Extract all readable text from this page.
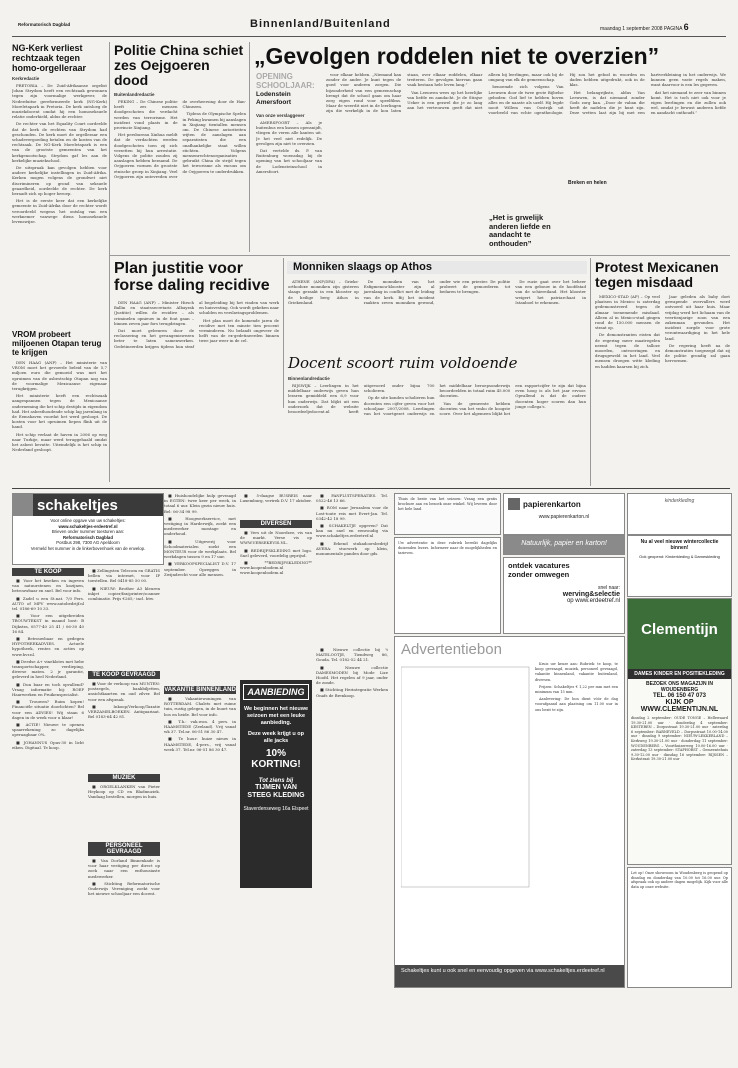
Reformatorisch Dagblad	Binnenland/Buitenland	maandag 1 september 2008 PAGINA 6
NG-Kerk verliest rechtzaak tegen homo-orgelleraar
Kerkredactie

PRETORIA – De Zuid-Afrikaanse orgelist Johan Strydom heeft een rechtzaak gewonnen tegen zijn voormalige werkgever, de Nederduitse gereformeerde kerk (NG-Kerk) Moreletapark in Pretoria. De kerk ontsloeg de muziekdocent omdat hij een homoseksuele relatie onderhield, aldus de rechter.

De rechter van het Equality Court oordeelde dat de kerk de rechten van Strydom had geschonden. De kerk moet de orgelleraar een schadevergoeding betalen en de kosten van de rechtzaak. De NG-Kerk Moreletapark is een van de grootste gemeenten van het kerkgenootschap. Strydom gaf les aan de kerkelijke muziekschool.

De uitspraak kan gevolgen hebben voor andere kerkelijke instellingen in Zuid-Afrika. Kerken mogen volgens de grondwet niet discrimineren op grond van seksuele geaardheid, oordeelde de rechter. De kerk beraadt zich op hoger beroep.

Het is de eerste keer dat een kerkelijke gemeente in Zuid-Afrika door de rechter wordt veroordeeld wegens het ontslag van een werknemer vanwege diens homoseksuele levenswijze.

VROM probeert miljoenen Otapan terug te krijgen

DEN HAAG (ANP) – Het ministerie van VROM moet het gevoerde beleid van de 5,7 miljoen euro die gemoeid was met het opruimen van de asbestschip Otapan nog van de voormalige Mexicaanse eigenaar terugkrijgen.

Het ministerie heeft een rechtszaak aangespannen tegen de Mexicaanse onderneming die het schip destijds in eigendom had. Het asbesthoudende schip lag jarenlang in de Eemshaven voordat het werd gesloopt. De kosten voor het opruimen liepen flink uit de hand.

Het schip verlaat de haven in 2006 op weg naar Turkije, maar werd teruggehaald omdat het asbest bevatte. Uiteindelijk is het schip in Nederland gesloopt.

Politie China schiet zes Oejgoeren dood
Buitenlandredactie

PEKING – De Chinese politie heeft zes mensen doodgeschoten die verdacht werden van terrorisme. Het incident vond plaats in de provincie Xinjiang.

Het persbureau Xinhua meldt dat de verdachten werden doodgeschoten toen zij zich verzetten bij hun arrestatie. Volgens de politie zouden zij aanslagen hebben beraamd. De Oejgoeren vormen de grootste etnische groep in Xinjiang. Veel Oejgoeren zijn ontevreden over de overheersing door de Han-Chinezen.

Tijdens de Olympische Spelen in Peking kwamen bij aanslagen in Xinjiang tientallen mensen om. De Chinese autoriteiten wijten de aanslagen aan separatisten die een onafhankelijke staat willen stichten. Volgens mensenrechtenorganisaties gebruikt China de strijd tegen het terrorisme als excuus om de Oejgoeren te onderdrukken.

„Gevolgen roddelen niet te overzien”
OPENING
SCHOOLJAAR:
Lodenstein Amersfoort
Van onze verslaggever

AMERSFOORT – Als je buitenbus een kussen opensnijdt, vliegen de veren alle kanten uit. Je het veel niet redelijk. De gevolgen zijn niet te overzien.

Dat vertelde ds. P. van Ruitenburg woensdag bij de opening van het schooljaar van de Lodensteinschool in Amersfoort.

voor elkaar hebben. „Niemand kan zonder de ander. Je kunt tegen de goed voor anderen zorgen. Die bijzonderheid van een gemeenschap brengt dat de school gaan om haar zorg eigen rond voor speelfilms. Maar de weerdit niet in de leerlingen zijn die werkelijk in de kou laten staan, over elkaar roddelen, elkaar treiteren. De gevolgen hiervan gaan vaak bestaan hele leven lang.”

Van Leeuwen wees op het heerlijke van liefde en aandacht. Je de Stinjse Ueker is een gezwel die je zo lang aan het vertrouwen geeft dat niet alleen bij leerlingen, maar ook bij de omgang van elk de gemeenschap.

benoemde zich volgens Van Leeuwen door de twee grote Bijbelse geboden: God lief te hebben boven alles en de naaste als uzelf. Hij legde nooit Willem van Oostrijk uit voorbeeld van echte ogentheologie. Hij zou het gebod in woorden en daden hebben uitgedrukt, ook in de klas.

Het belangrijkste, aldus Van Leeuwen, is dat niemand zonder Gods zorg kan. „Door de vaban die heeft de nadelen die je kunt zijn. Deze wetten laat zijn bij met een hartverkleining in het onderwijs. We kunnen geen vaste regels maken, want daarvoor is een les gegeven.

dat het niemand te zeer van binnen komt. Het is toch niet ook voor je eigen leerlingen en die zullen ook wel, omdat je bewust anderen liefde en aandacht onthoudt.”

„Het is grwelijk anderen liefde en aandacht te onthouden”
Breken en helen
Plan justitie voor forse daling recidive

DEN HAAG (ANP) – Minister Hirsch Ballin en staatssecretaris Albayrak (Justitie) willen de recidive – als criminelen opnieuw in de fout gaan – binnen zeven jaar fors terugdringen.

Dat moet gebeuren door de reclassering en het gevangeniswezen beter te laten samenwerken. Gedetineerden krijgen tijdens hun straf al begeleiding bij het vinden van werk en huisvesting. Ook wordt gekeken naar schulden en verslavingsproblemen.

Het plan moet de komende jaren de recidive met ten minste tien procent verminderen. Nu belandt ongeveer de helft van de ex-gedetineerden binnen twee jaar weer in de cel.

Monniken slaags op Athos

ATHENE (ANP/DPA) – Grieks-orthodoxe monniken zijn gisteren slaags geraakt in een klooster op de heilige berg Athos in Griekenland.

De monniken van het Esfigmenou-klooster zijn al jarenlang in conflict met de leiding van de kerk. Bij het incident raakten zeven monniken gewond, onder wie een priester. De politie probeert de gemoederen tot bedaren te brengen.

De ruzie gaat over het beheer van een gebouw in de hoofdstad van de schiereiland. Het klooster weigert het patriarchaat in Istanboel te erkennen.

Docent scoort ruim voldoende
Binnenlandredactie

RIJSWIJK – Leerlingen in het middelbaar onderwijs geven hun leraren gemiddeld een 6,9 voor hun onderwijs. Dat blijkt uit een onderzoek dat de website beoordeeljedocent.nl heeft uitgevoerd onder bijna 700 scholieren.

Op de site konden scholieren hun docenten een cijfer geven voor het schooljaar 2007/2008. Leerlingen van het voortgezet onderwijs en het middelbaar beroepsonderwijs beoordeelden in totaal ruim 45.000 docenten.

Van de gemeente hebben docenten van het vmbo de hoogste score. Over het algemeen blijkt het een rapportcijfer te zijn dat bijna even hoog is als het jaar ervoor. Opvallend is dat de oudere docenten hoger scoren dan hun jonge collega's.

Protest Mexicanen tegen misdaad

MEXICO-STAD (AP) – Op veel plaatsen in Mexico is zaterdag gedemonstreerd tegen de almaar toenemende misdaad. Alleen al in Mexico-stad gingen rond de 150.000 mensen de straat op.

De demonstranten eisten dat de regering meer maatregelen neemt tegen de talloze moorden, ontvoeringen en drugsgeweld in het land. Veel mensen droegen witte kleding en hadden kaarsen bij zich.

Jaar geleden als baby doet gewapende overvallers werd ontvoerd uit haar huis. Maar vrijdag werd het lichaam van de veertienjarige zoon van een zakenman gevonden. Het incident zorgde voor grote verontwaardiging in het hele land.

De regering heeft na de demonstraties toegezegd dat zij de politie grondig zal gaan hervormen.

schakeltjes
Voor online opgave van uw schakeltjes:
www.schakeltjes-erdeetref.nl
Brieven onder nummer toesturen aan:
Reformatorisch Dagblad
Postbus 298, 7300 AG Apeldoorn
Vermeld het nummer in de linkerbovenhoek van de envelop.
TE KOOP

■ Voor het kweken en ingeven van natuurstenen en kozijnen, betrouwbaar en snel. Bel voor info.

■ Zadel u een St.nat. 7/0 Pers. AUTO of MPV www.autobedrijf.nl tel. 0186-69 10 33.

■ Voor een uitgebreiden TROUWTEKST in maand bost: B Dijkstra, 0577-40 25 41 / 06-30 40 16 84.

■ Betrouwbaar en gedegen HYPOTHEEKADVIES. Actuele hypotheek, rentes en acties op www.hvr.nl.

■ Deedse A+ vineklotes met hebe transportschapper, verdieping, diverse maten. 2 jr garantie, geleverd in heel Nederland.

■ Dun baar en toch opvallend? Vraag informatie bij: ROEP Haarwerken en Pruikenspecialist.

■ Trouwen? Ruim kopen! Financiële situatie doorlichten? Bel voor een ADVIES! Wij staan 6 dagen in de week voor u klaar!

■ ACTIE! Nieuwe te openen spaarrekening zo dagelijks opvraagbaar 0%.

■ JOHANNUS Opus-30 in licht eiken. Digitaal. Te koop.

■ Zellingsten Telecom en GRATIS bellen via internet, voor IP toestellen. Bel 0418-85 50 00.

■ NIEUW: Brother A3 kleuren inkjet copier/fax/printer/scanner combinatie. Prijs €265,- incl. btw.

TE KOOP GEVRAAGD

■ Voor de verkoop van MUNTEN: postzegels, bankbiljetten, ansichtkaarten en oud zilver. Bel voor een afspraak.

■ Inkoop/Verkoop/Taxatie VERZAMELBOEKEN. Antiquariaat. Bel 0183-64 42 81.

MUZIEK

■ ORGELKLANKEN van Pieter Heykoop op CD en Bladmuziek. Vandaag bestellen, morgen in huis.

PERSONEEL GEVRAAGD

■ Van Dorland Binnenkade is voor haar vestiging per direct op zoek naar een enthousiaste medewerker.

■ Stichting Reformatorische Onderwijs Vereniging zoekt voor het nieuwe schooljaar een docent.

■ Huishoudelijke hulp gevraagd in EGTEN: twee keer per week, in totaal 6 uur. Klein gezin nieuw huis. Bel: 06-34 98 99.

■ Hoogwerkservice, met vestiging in Harderwijk, zoekt een medewerker montage en onderhoud.

■ Uitgeverij voor Schoolmaterialen zoekt een MONTEUR voor de werkplaats. Bel werkdagen tussen 9 en 17 uur.

■ VERKOOPSPECIALIST D.V. 17 september. Opzeggen in Zwijndrecht voor alle mensen.

VAKANTIE BINNENLAND

■ Vakantiewoningen van ROTTERDAM. Chalets met ruime tuin, rustig gelegen, in de buurt van bos en heide. Bel voor info.

■ T.h.: vak.won. 4 pers. in HAAMSTEDE (Zeeland). Vrij vanaf wk 37. Tel.nr. 06-51 86 30 47.

■ Te huur: huize nieuw in HAAMSTEDE, 4-pers., vrij vanaf week 37. Tel.nr. 06-51 86 30 47.

■ 5-daagse BUSREIS naar Luxemburg, vertrek D.V. 17 oktober.

DIVERSEN

■ Vers uit de Noordzee, vis van de markt. Verse vis op WWW.VERSEKEVIS.NL.

■ BEDRIJFSKLEDING met logo. Snel geleverd, voordelig geprijsd.

■ **BEDRIJFSKLEDING** www.koopenbodem.nl www.koopenbodem.nl

AANBIEDING
We beginnen het nieuwe seizoen met een leuke aanbieding.
Deze week krijgt u op alle jacks
10% KORTING!
Tot ziens bij
TIJMEN VAN STEEG KLEDING
Staverdenseweg 16a Elspeet

■ PANFLUITSPERATIES. Tel. 0522-46 13 66.

■ ROM naar Jeruzalem voor de Lost-toute reis met Evert-Jan. Tel. 0342-42 18 99.

■ SCHAKELTJE opgeven? Dat kan nu snel en eenvoudig via www.schakeltjes.erdeetref.nl

■ Erkend stukadoorsbedrijf AVERA: stucwerk op klein, monumentale panden door gds.

■ Nieuwe collectie bij 't MATELOOTJE, Tiendweg 86, Gouda. Tel. 0182-52 44 21.

■ Nieuwe collectie DAMESMODEN bij Mode Lize Hoofd. Het regelen af 9 jaar, onder de zonde.

■ Stichting Herintegratie Werken Onafs de Brenkoop.

Thuis de beste van het seizoen: Vraag een gratis brochure aan en bezoek onze winkel. Wij leveren door het hele land.
papierenkarton
www.papierenkarton.nl
kinderkleding
Natuurlijk, papier en karton!	Nu al veel nieuwe wintercollectie binnen!
Ook geopend: Kinderkleding & Dameskleding
Uw advertentie in deze rubriek bereikt dagelijks duizenden lezers. Informeer naar de mogelijkheden en tarieven.
ontdek vacatures
zonder omwegen
snel naar:
werving&selectie
op www.erdeetref.nl
Clementijn
DAMES KINDER EN POSITIEKLEDING
BEZOEK ONS MAGAZIJN IN WOUDENBERG
TEL. 06 150 47 073
KIJK OP WWW.CLEMENTIJN.NL
dinsdag 2 september: OUDE TONGE – Hellewaard 19.30-21.00 uur · donderdag 4 september: KESTEREN – Dorpsstraat 19.30-21.00 uur · zaterdag 6 september: BARNEVELD – Dorpsstraat 10.00-14.00 uur · dinsdag 9 september: NIEUW-LEKKERLAND – Kerkweg 19.30-21.00 uur · donderdag 11 september: WOUDENBERG – Voorthuizerweg 10.00-16.00 uur · zaterdag 13 september: STAPHORST – Gemeentehuis 9.30-12.00 uur · dinsdag 16 september: RIJSSEN – Kerkstraat 19.30-21.00 uur
Advertentiebon

Kruis uw keuze aan: Rubriek: te koop, te koop gevraagd, muziek, personeel gevraagd, vakantie binnenland, vakantie buitenland, diversen.

Prijzen: Schakeltjes € 1,22 per mm met een minimum van 15 mm.

Aanlevering: De bon dient vóór de dag voorafgaand aan plaatsing om 11.00 uur in ons bezit te zijn.

Schakeltjes kunt u ook snel en eenvoudig opgeven via www.schakeltjes.erdeetref.nl
Let op! Onze showroom in Woudenberg is geopend op dinsdag en donderdag van 10.00 tot 16.00 uur. Op afspraak ook op andere dagen mogelijk. Kijk voor alle data op onze website.
